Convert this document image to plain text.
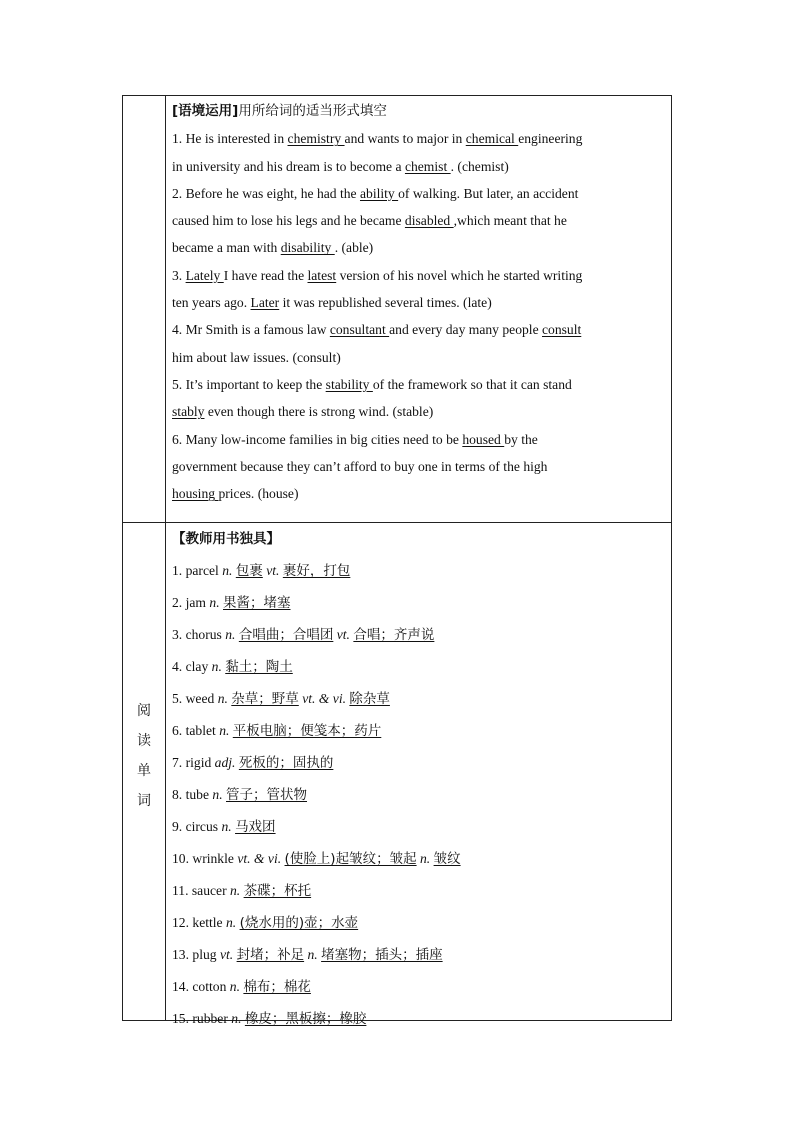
[语境运用]用所给词的适当形式填空
1. He is interested in chemistry and wants to major in chemical engineering
in university and his dream is to become a chemist . (chemist)
2. Before he was eight, he had the ability of walking. But later, an accident
caused him to lose his legs and he became disabled ,which meant that he
became a man with disability . (able)
3. Lately I have read the latest version of his novel which he started writing
ten years ago. Later it was republished several times. (late)
4. Mr Smith is a famous law consultant and every day many people consult
him about law issues. (consult)
5. It’s important to keep the stability of the framework so that it can stand
stably even though there is strong wind. (stable)
6. Many low-income families in big cities need to be housed by the
government because they can’t afford to buy one in terms of the high
housing prices. (house)
阅
读
单
词
【教师用书独具】
1. parcel n. 包裹 vt. 裹好，打包
2. jam n. 果酱；堵塞
3. chorus n. 合唱曲；合唱团 vt. 合唱；齐声说
4. clay n. 黏土；陶土
5. weed n. 杂草；野草 vt. & vi. 除杂草
6. tablet n. 平板电脑；便笺本；药片
7. rigid adj. 死板的；固执的
8. tube n. 管子；管状物
9. circus n. 马戏团
10. wrinkle vt. & vi. (使脸上)起皱纹；皱起 n. 皱纹
11. saucer n. 茶碟；杯托
12. kettle n. (烧水用的)壶；水壶
13. plug vt. 封堵；补足 n. 堵塞物；插头；插座
14. cotton n. 棉布；棉花
15. rubber n. 橡皮；黑板擦；橡胶
